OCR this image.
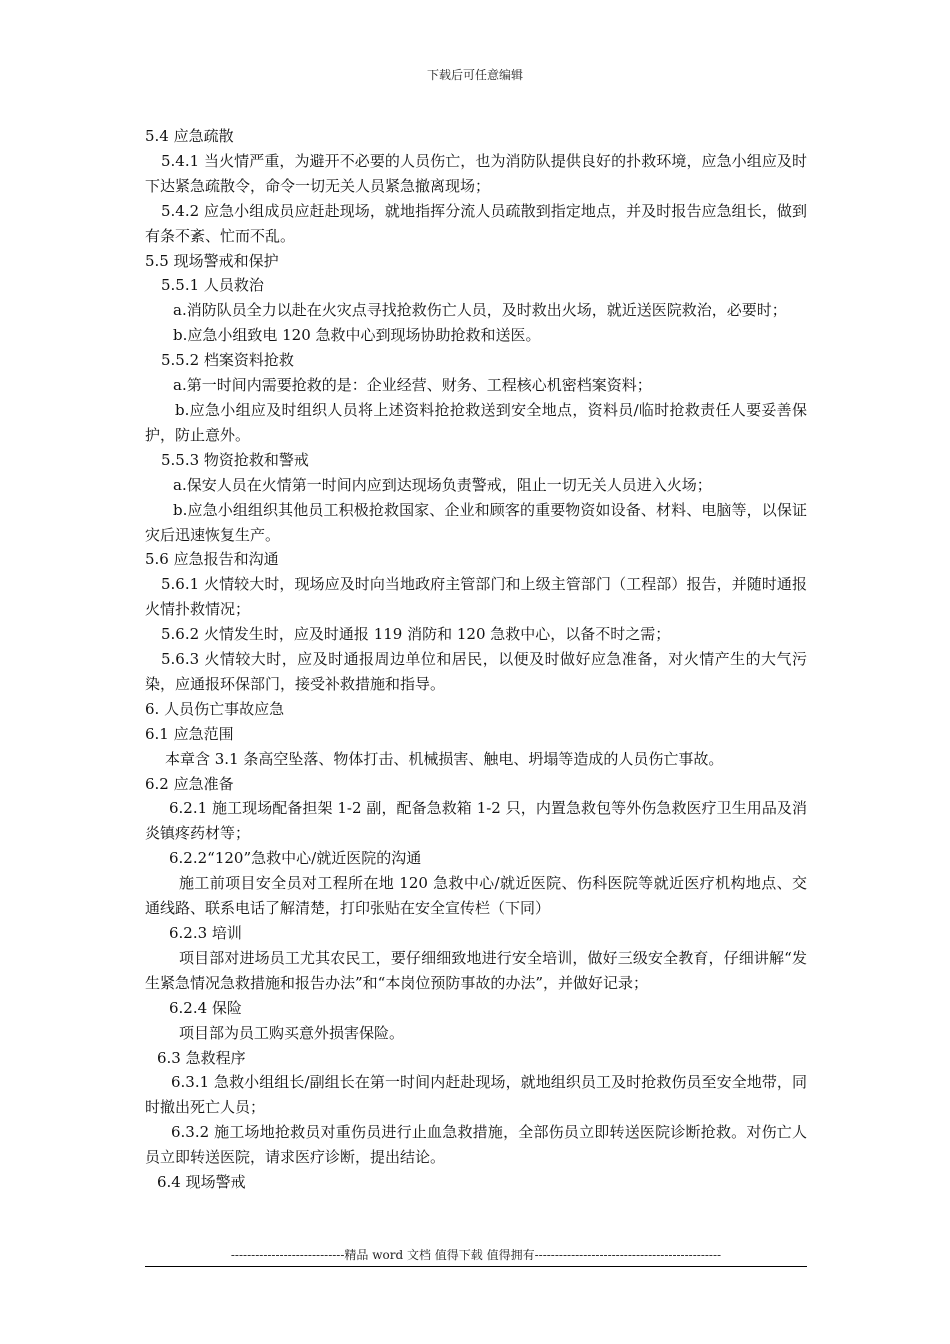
下载后可任意编辑
5.4 应急疏散
5.4.1 当火情严重，为避开不必要的人员伤亡，也为消防队提供良好的扑救环境，应急小组应及时下达紧急疏散令，命令一切无关人员紧急撤离现场；
5.4.2 应急小组成员应赶赴现场，就地指挥分流人员疏散到指定地点，并及时报告应急组长，做到有条不紊、忙而不乱。
5.5 现场警戒和保护
5.5.1 人员救治
a.消防队员全力以赴在火灾点寻找抢救伤亡人员，及时救出火场，就近送医院救治，必要时；
b.应急小组致电 120 急救中心到现场协助抢救和送医。
5.5.2 档案资料抢救
a.第一时间内需要抢救的是：企业经营、财务、工程核心机密档案资料；
b.应急小组应及时组织人员将上述资料抢抢救送到安全地点，资料员/临时抢救责任人要妥善保护，防止意外。
5.5.3 物资抢救和警戒
a.保安人员在火情第一时间内应到达现场负责警戒，阻止一切无关人员进入火场；
b.应急小组组织其他员工积极抢救国家、企业和顾客的重要物资如设备、材料、电脑等，以保证灾后迅速恢复生产。
5.6 应急报告和沟通
5.6.1 火情较大时，现场应及时向当地政府主管部门和上级主管部门（工程部）报告，并随时通报火情扑救情况；
5.6.2 火情发生时，应及时通报 119 消防和 120 急救中心，以备不时之需；
5.6.3 火情较大时，应及时通报周边单位和居民，以便及时做好应急准备，对火情产生的大气污染，应通报环保部门，接受补救措施和指导。
6. 人员伤亡事故应急
6.1 应急范围
本章含 3.1 条高空坠落、物体打击、机械损害、触电、坍塌等造成的人员伤亡事故。
6.2 应急准备
6.2.1 施工现场配备担架 1-2 副，配备急救箱 1-2 只，内置急救包等外伤急救医疗卫生用品及消炎镇疼药材等；
6.2.2“120”急救中心/就近医院的沟通
施工前项目安全员对工程所在地 120 急救中心/就近医院、伤科医院等就近医疗机构地点、交通线路、联系电话了解清楚，打印张贴在安全宣传栏（下同）
6.2.3 培训
项目部对进场员工尤其农民工，要仔细细致地进行安全培训，做好三级安全教育，仔细讲解“发生紧急情况急救措施和报告办法”和“本岗位预防事故的办法”，并做好记录；
6.2.4 保险
项目部为员工购买意外损害保险。
6.3 急救程序
6.3.1 急救小组组长/副组长在第一时间内赶赴现场，就地组织员工及时抢救伤员至安全地带，同时撤出死亡人员；
6.3.2 施工场地抢救员对重伤员进行止血急救措施，全部伤员立即转送医院诊断抢救。对伤亡人员立即转送医院，请求医疗诊断，提出结论。
6.4 现场警戒
----------------------------精品 word 文档 值得下载 值得拥有----------------------------------------------
